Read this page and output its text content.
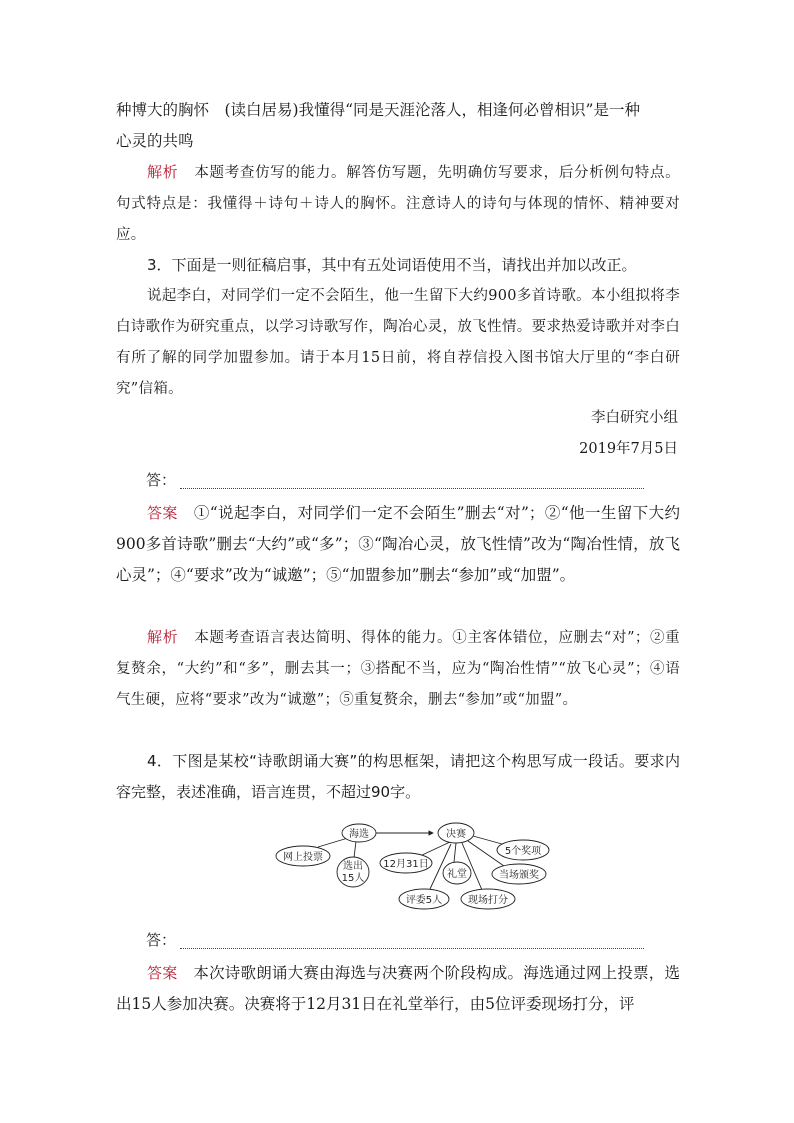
种博大的胸怀　(读白居易)我懂得“同是天涯沦落人，相逢何必曾相识”是一种

心灵的共鸣

解析 本题考查仿写的能力。解答仿写题，先明确仿写要求，后分析例句特点。句式特点是：我懂得＋诗句＋诗人的胸怀。注意诗人的诗句与体现的情怀、精神要对应。

3．下面是一则征稿启事，其中有五处词语使用不当，请找出并加以改正。

说起李白，对同学们一定不会陌生，他一生留下大约900多首诗歌。本小组拟将李白诗歌作为研究重点，以学习诗歌写作，陶冶心灵，放飞性情。要求热爱诗歌并对李白有所了解的同学加盟参加。请于本月15日前，将自荐信投入图书馆大厅里的“李白研究”信箱。

李白研究小组
2019年7月5日
答：

答案 ①“说起李白，对同学们一定不会陌生”删去“对”；②“他一生留下大约900多首诗歌”删去“大约”或“多”；③“陶冶心灵，放飞性情”改为“陶冶性情，放飞心灵”；④“要求”改为“诚邀”；⑤“加盟参加”删去“参加”或“加盟”。

解析 本题考查语言表达简明、得体的能力。①主客体错位，应删去“对”；②重复赘余，“大约”和“多”，删去其一；③搭配不当，应为“陶冶性情”“放飞心灵”；④语气生硬，应将“要求”改为“诚邀”；⑤重复赘余，删去“参加”或“加盟”。

4．下图是某校“诗歌朗诵大赛”的构思框架，请把这个构思写成一段话。要求内容完整，表述准确，语言连贯，不超过90字。

海选	决赛
网上投票
选出
15人
12月31日
礼堂
评委5人	现场打分
5个奖项
当场颁奖
答：

答案 本次诗歌朗诵大赛由海选与决赛两个阶段构成。海选通过网上投票，选出15人参加决赛。决赛将于12月31日在礼堂举行，由5位评委现场打分，评
